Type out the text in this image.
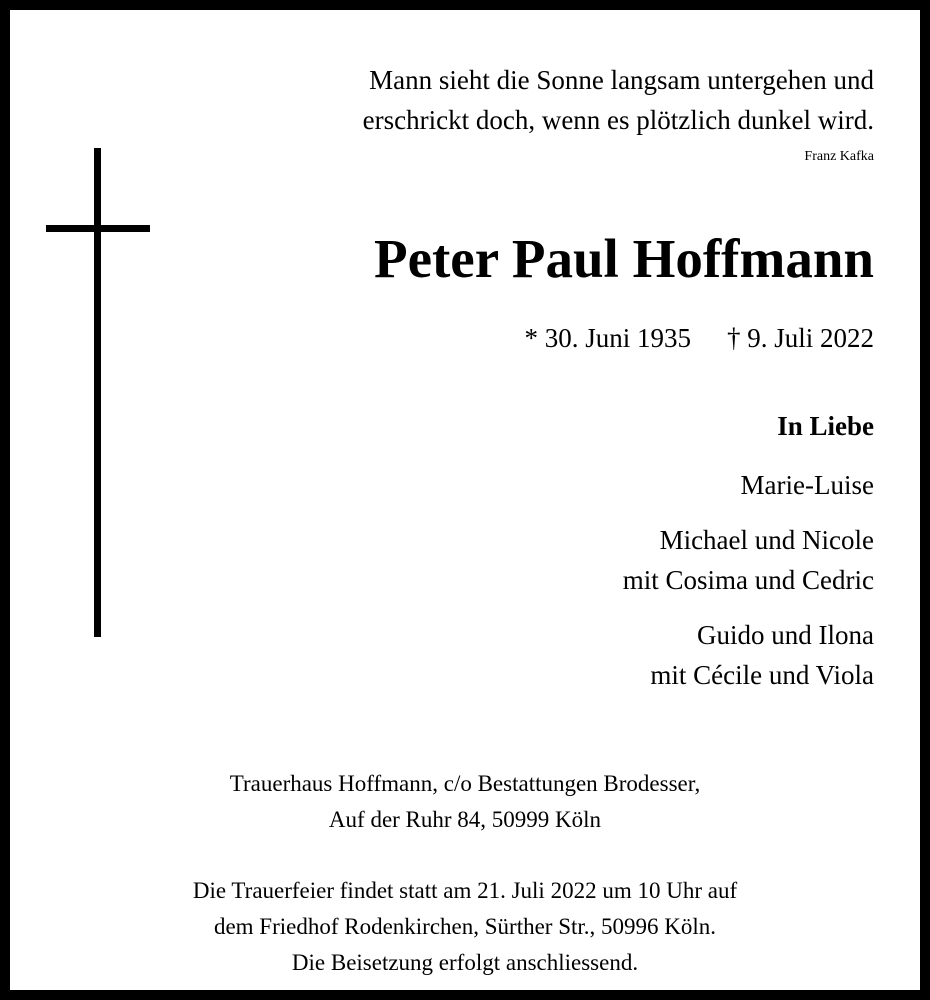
Mann sieht die Sonne langsam untergehen und
erschrickt doch, wenn es plötzlich dunkel wird.
Franz Kafka
Peter Paul Hoffmann
* 30. Juni 1935 † 9. Juli 2022
In Liebe
Marie-Luise
Michael und Nicole
mit Cosima und Cedric
Guido und Ilona
mit Cécile und Viola
Trauerhaus Hoffmann, c/o Bestattungen Brodesser,
Auf der Ruhr 84, 50999 Köln
Die Trauerfeier findet statt am 21. Juli 2022 um 10 Uhr auf
dem Friedhof Rodenkirchen, Sürther Str., 50996 Köln.
Die Beisetzung erfolgt anschliessend.
